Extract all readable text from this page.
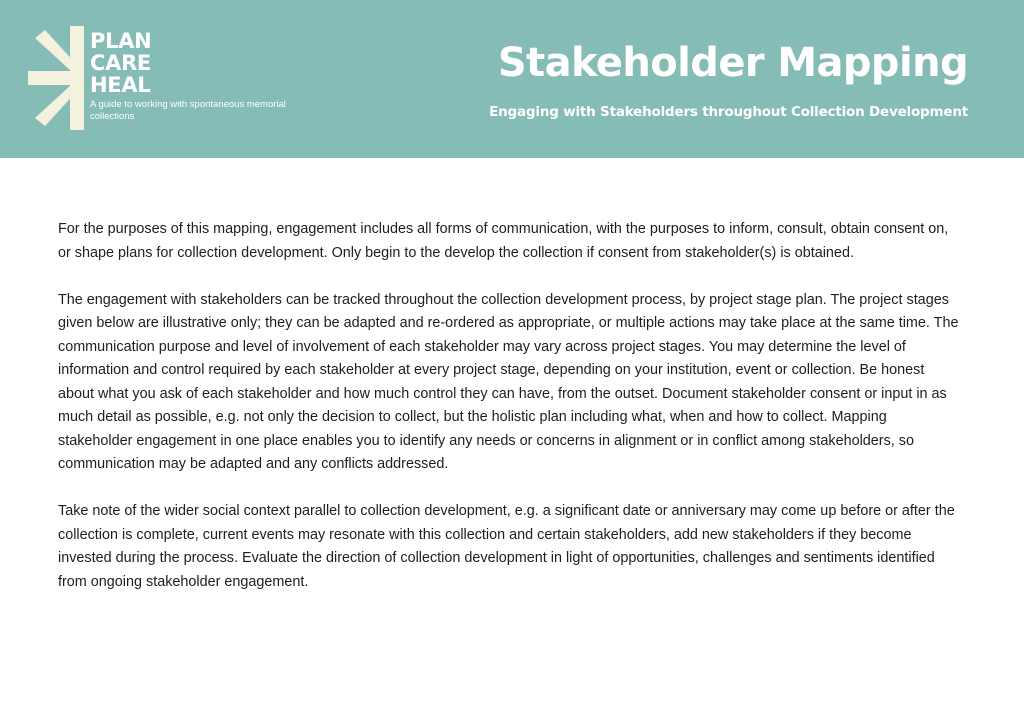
PLAN
CARE
HEAL
A guide to working with spontaneous memorial collections
Stakeholder Mapping
Engaging with Stakeholders throughout Collection Development

For the purposes of this mapping, engagement includes all forms of communication, with the purposes to inform, consult, obtain consent on, or shape plans for collection development. Only begin to the develop the collection if consent from stakeholder(s) is obtained.

The engagement with stakeholders can be tracked throughout the collection development process, by project stage plan. The project stages given below are illustrative only; they can be adapted and re-ordered as appropriate, or multiple actions may take place at the same time. The communication purpose and level of involvement of each stakeholder may vary across project stages. You may determine the level of information and control required by each stakeholder at every project stage, depending on your institution, event or collection. Be honest about what you ask of each stakeholder and how much control they can have, from the outset. Document stakeholder consent or input in as much detail as possible, e.g. not only the decision to collect, but the holistic plan including what, when and how to collect. Mapping stakeholder engagement in one place enables you to identify any needs or concerns in alignment or in conflict among stakeholders, so communication may be adapted and any conflicts addressed.

Take note of the wider social context parallel to collection development, e.g. a significant date or anniversary may come up before or after the collection is complete, current events may resonate with this collection and certain stakeholders, add new stakeholders if they become invested during the process. Evaluate the direction of collection development in light of opportunities, challenges and sentiments identified from ongoing stakeholder engagement.
